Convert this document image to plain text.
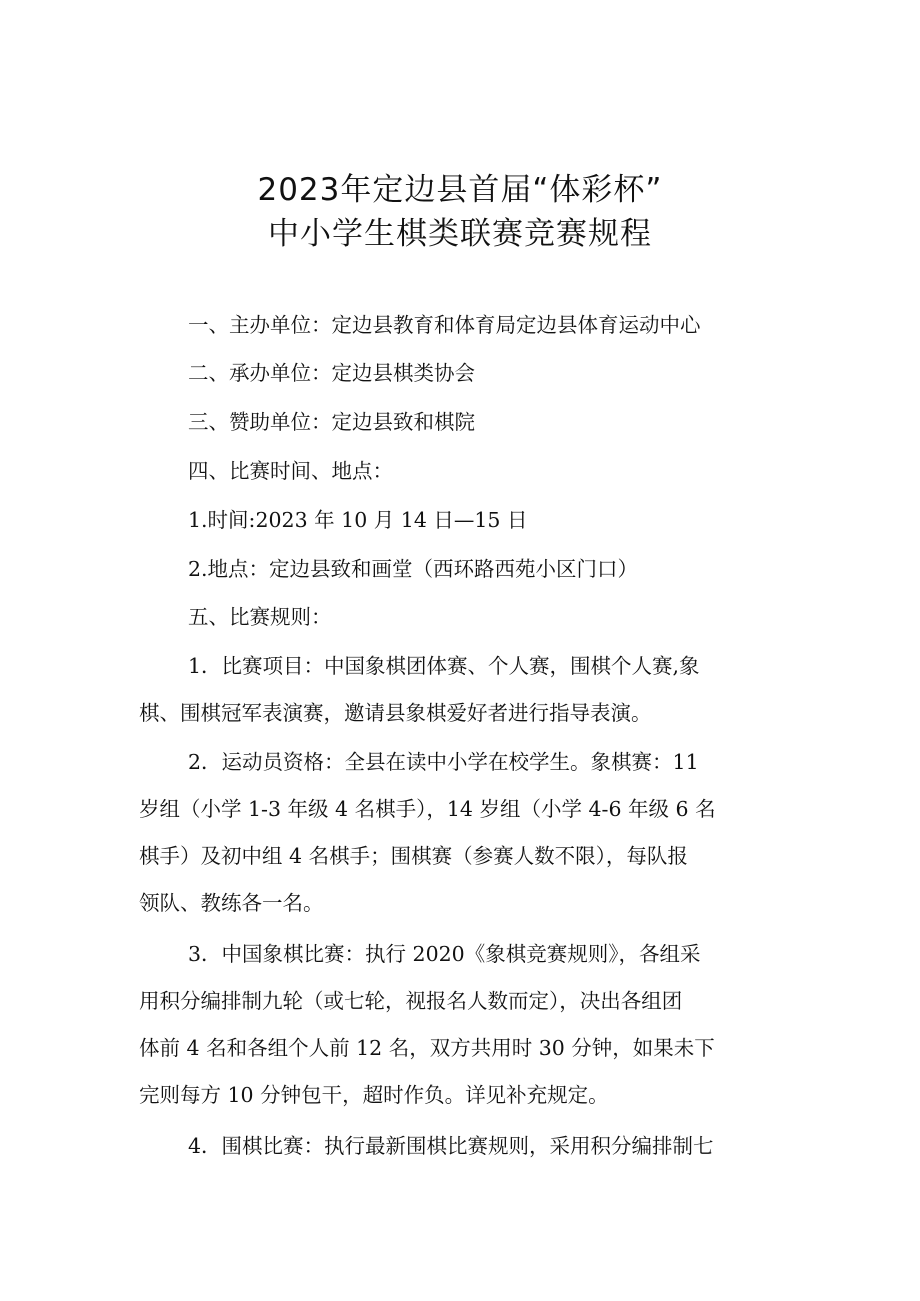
2023年定边县首届“体彩杯”
中小学生棋类联赛竞赛规程

一、主办单位：定边县教育和体育局定边县体育运动中心

二、承办单位：定边县棋类协会

三、赞助单位：定边县致和棋院

四、比赛时间、地点：

1.时间:2023 年 10 月 14 日—15 日

2.地点：定边县致和画堂（西环路西苑小区门口）

五、比赛规则：

1．比赛项目：中国象棋团体赛、个人赛，围棋个人赛,象

棋、围棋冠军表演赛，邀请县象棋爱好者进行指导表演。

2．运动员资格：全县在读中小学在校学生。象棋赛：11

岁组（小学 1-3 年级 4 名棋手），14 岁组（小学 4-6 年级 6 名

棋手）及初中组 4 名棋手；围棋赛（参赛人数不限），每队报

领队、教练各一名。

3．中国象棋比赛：执行 2020《象棋竞赛规则》，各组采

用积分编排制九轮（或七轮，视报名人数而定），决出各组团

体前 4 名和各组个人前 12 名，双方共用时 30 分钟，如果未下

完则每方 10 分钟包干，超时作负。详见补充规定。

4．围棋比赛：执行最新围棋比赛规则，采用积分编排制七
